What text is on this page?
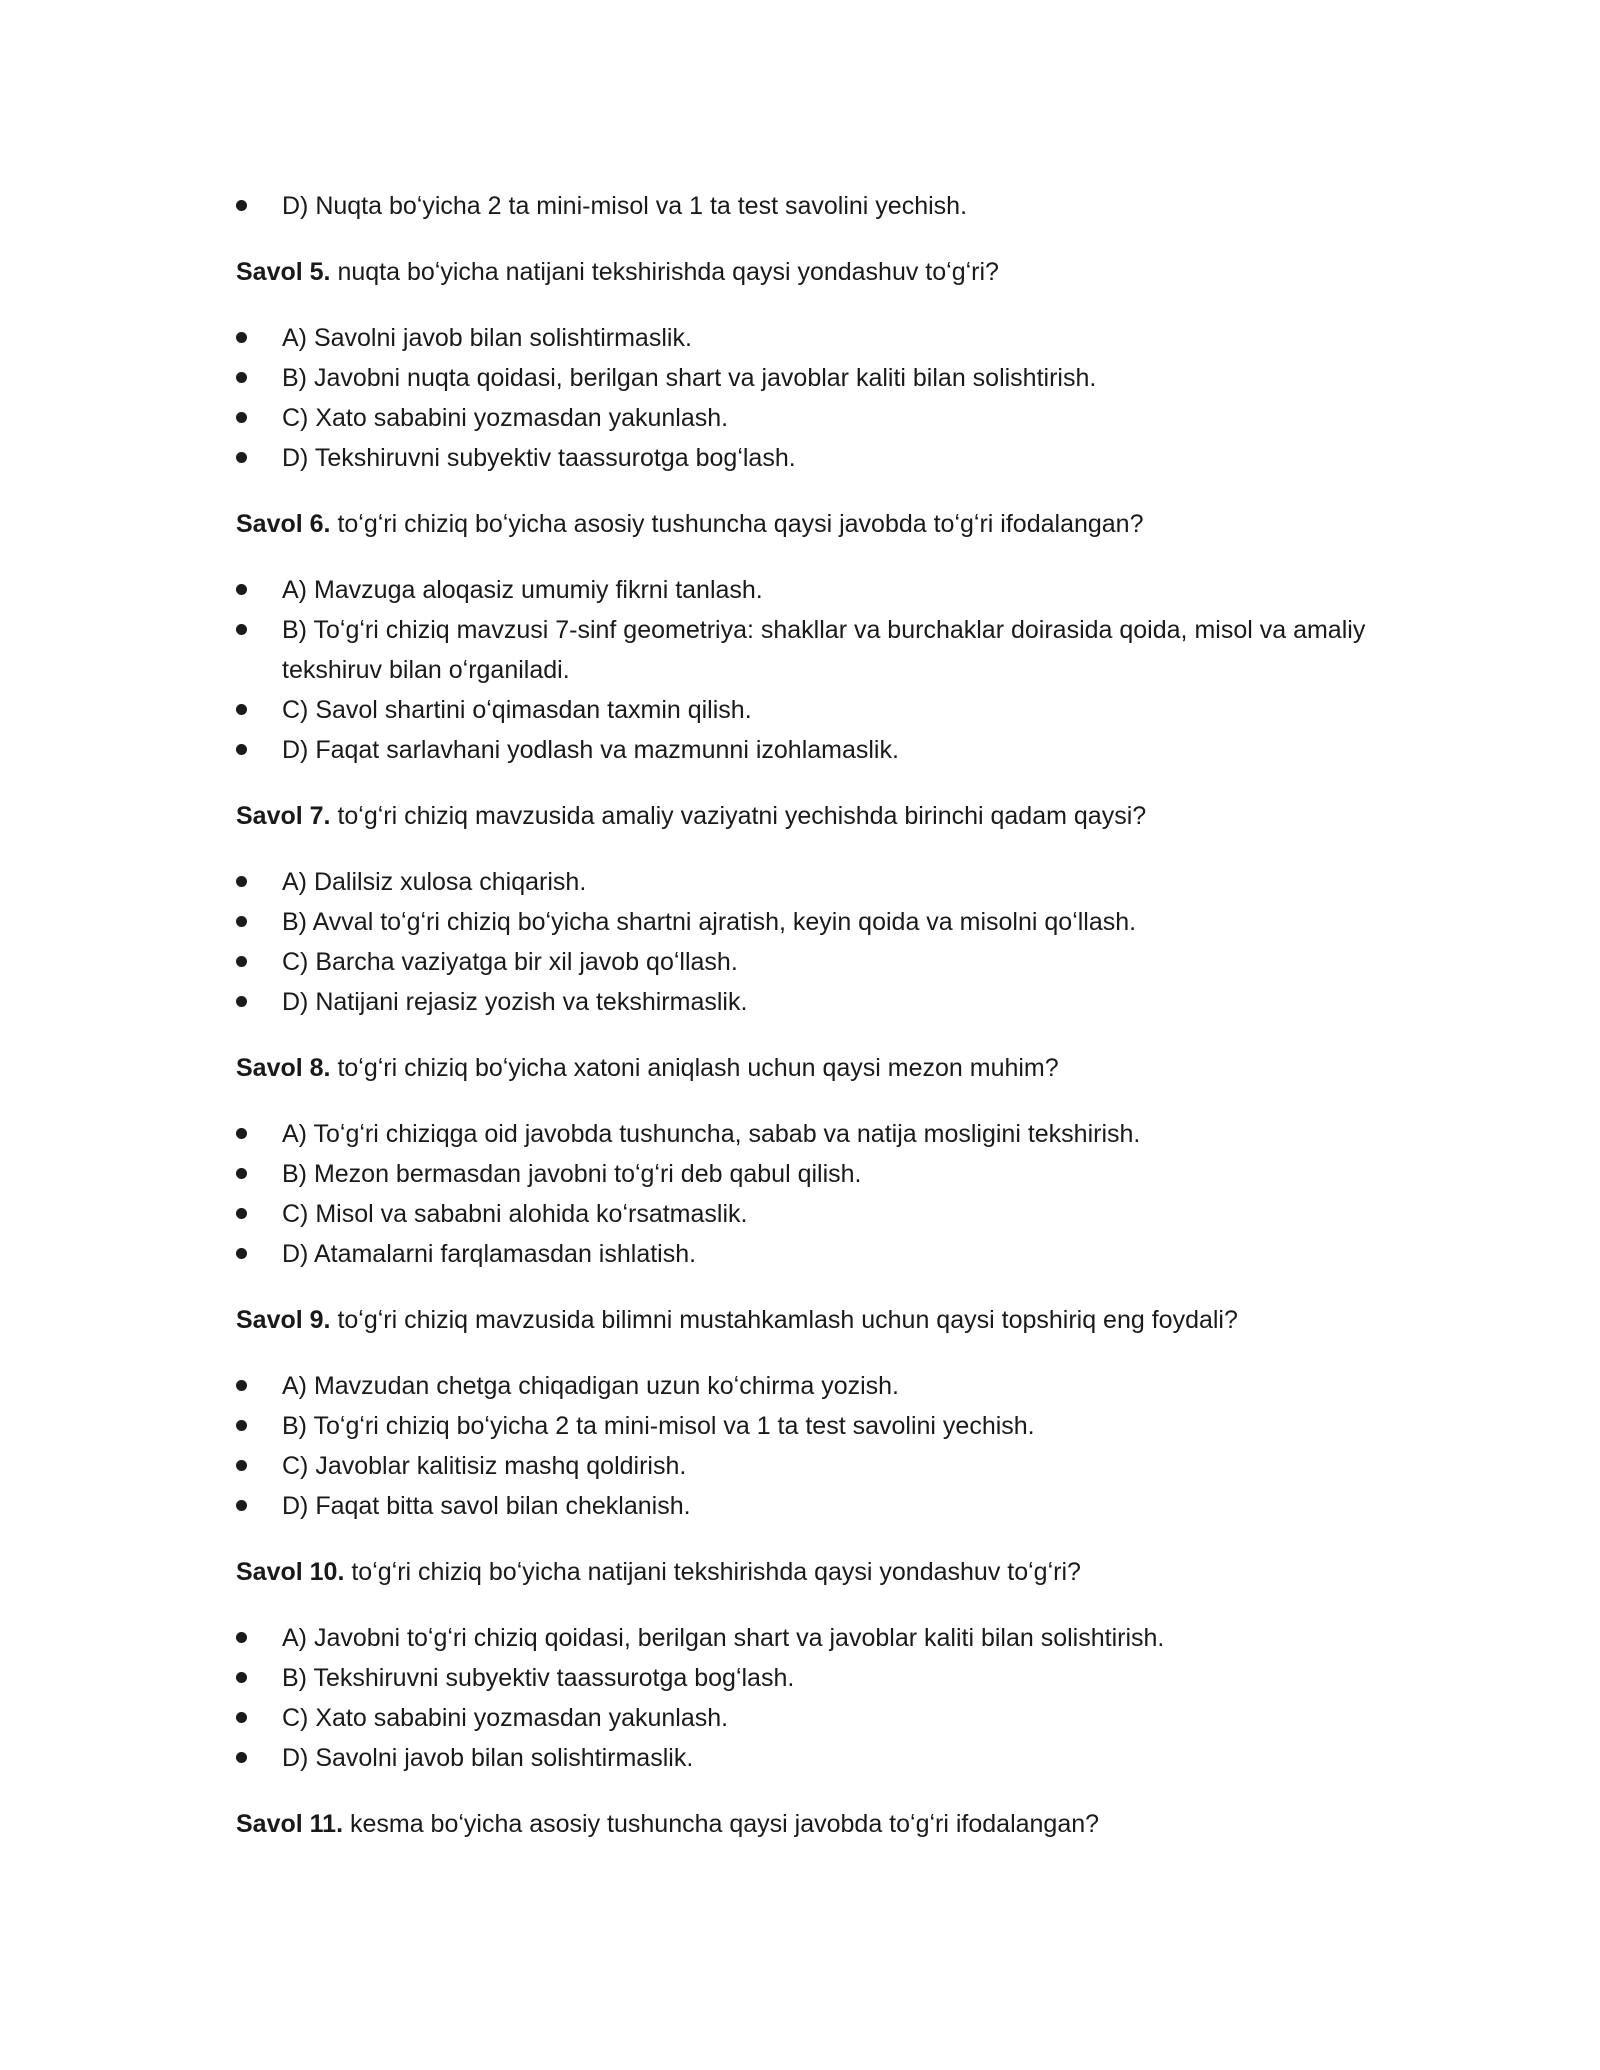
D) Nuqta boʻyicha 2 ta mini-misol va 1 ta test savolini yechish.

Savol 5. nuqta boʻyicha natijani tekshirishda qaysi yondashuv toʻgʻri?

A) Savolni javob bilan solishtirmaslik.
B) Javobni nuqta qoidasi, berilgan shart va javoblar kaliti bilan solishtirish.
C) Xato sababini yozmasdan yakunlash.
D) Tekshiruvni subyektiv taassurotga bogʻlash.

Savol 6. toʻgʻri chiziq boʻyicha asosiy tushuncha qaysi javobda toʻgʻri ifodalangan?

A) Mavzuga aloqasiz umumiy fikrni tanlash.
B) Toʻgʻri chiziq mavzusi 7-sinf geometriya: shakllar va burchaklar doirasida qoida, misol va amaliy tekshiruv bilan oʻrganiladi.
C) Savol shartini oʻqimasdan taxmin qilish.
D) Faqat sarlavhani yodlash va mazmunni izohlamaslik.

Savol 7. toʻgʻri chiziq mavzusida amaliy vaziyatni yechishda birinchi qadam qaysi?

A) Dalilsiz xulosa chiqarish.
B) Avval toʻgʻri chiziq boʻyicha shartni ajratish, keyin qoida va misolni qoʻllash.
C) Barcha vaziyatga bir xil javob qoʻllash.
D) Natijani rejasiz yozish va tekshirmaslik.

Savol 8. toʻgʻri chiziq boʻyicha xatoni aniqlash uchun qaysi mezon muhim?

A) Toʻgʻri chiziqga oid javobda tushuncha, sabab va natija mosligini tekshirish.
B) Mezon bermasdan javobni toʻgʻri deb qabul qilish.
C) Misol va sababni alohida koʻrsatmaslik.
D) Atamalarni farqlamasdan ishlatish.

Savol 9. toʻgʻri chiziq mavzusida bilimni mustahkamlash uchun qaysi topshiriq eng foydali?

A) Mavzudan chetga chiqadigan uzun koʻchirma yozish.
B) Toʻgʻri chiziq boʻyicha 2 ta mini-misol va 1 ta test savolini yechish.
C) Javoblar kalitisiz mashq qoldirish.
D) Faqat bitta savol bilan cheklanish.

Savol 10. toʻgʻri chiziq boʻyicha natijani tekshirishda qaysi yondashuv toʻgʻri?

A) Javobni toʻgʻri chiziq qoidasi, berilgan shart va javoblar kaliti bilan solishtirish.
B) Tekshiruvni subyektiv taassurotga bogʻlash.
C) Xato sababini yozmasdan yakunlash.
D) Savolni javob bilan solishtirmaslik.

Savol 11. kesma boʻyicha asosiy tushuncha qaysi javobda toʻgʻri ifodalangan?
